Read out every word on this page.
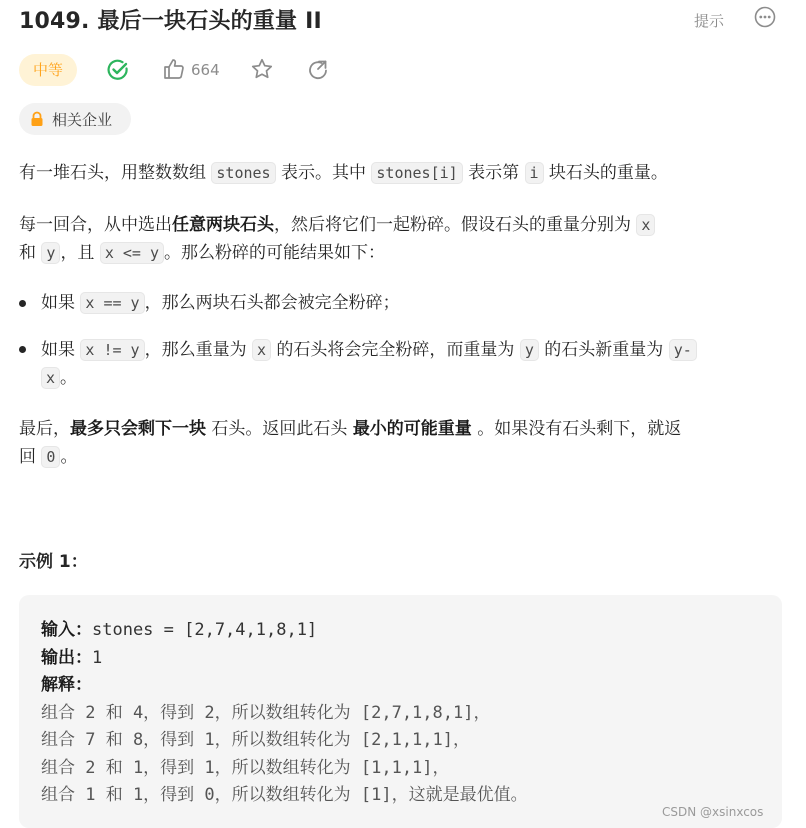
1049. 最后一块石头的重量 II	提示
中等	664
相关企业
有一堆石头，用整数数组 stones 表示。其中 stones[i] 表示第 i 块石头的重量。
每一回合，从中选出任意两块石头，然后将它们一起粉碎。假设石头的重量分别为 x
和 y ，且 x <= y 。那么粉碎的可能结果如下：
如果 x == y ，那么两块石头都会被完全粉碎；
如果 x != y ，那么重量为 x 的石头将会完全粉碎，而重量为 y 的石头新重量为 y-
x 。
最后，最多只会剩下一块 石头。返回此石头 最小的可能重量 。如果没有石头剩下，就返
回 0 。
示例 1：
输入：stones = [2,7,4,1,8,1]
输出：1
解释：
组合 2 和 4，得到 2，所以数组转化为 [2,7,1,8,1]，
组合 7 和 8，得到 1，所以数组转化为 [2,1,1,1]，
组合 2 和 1，得到 1，所以数组转化为 [1,1,1]，
组合 1 和 1，得到 0，所以数组转化为 [1]，这就是最优值。
CSDN @xsinxcos
